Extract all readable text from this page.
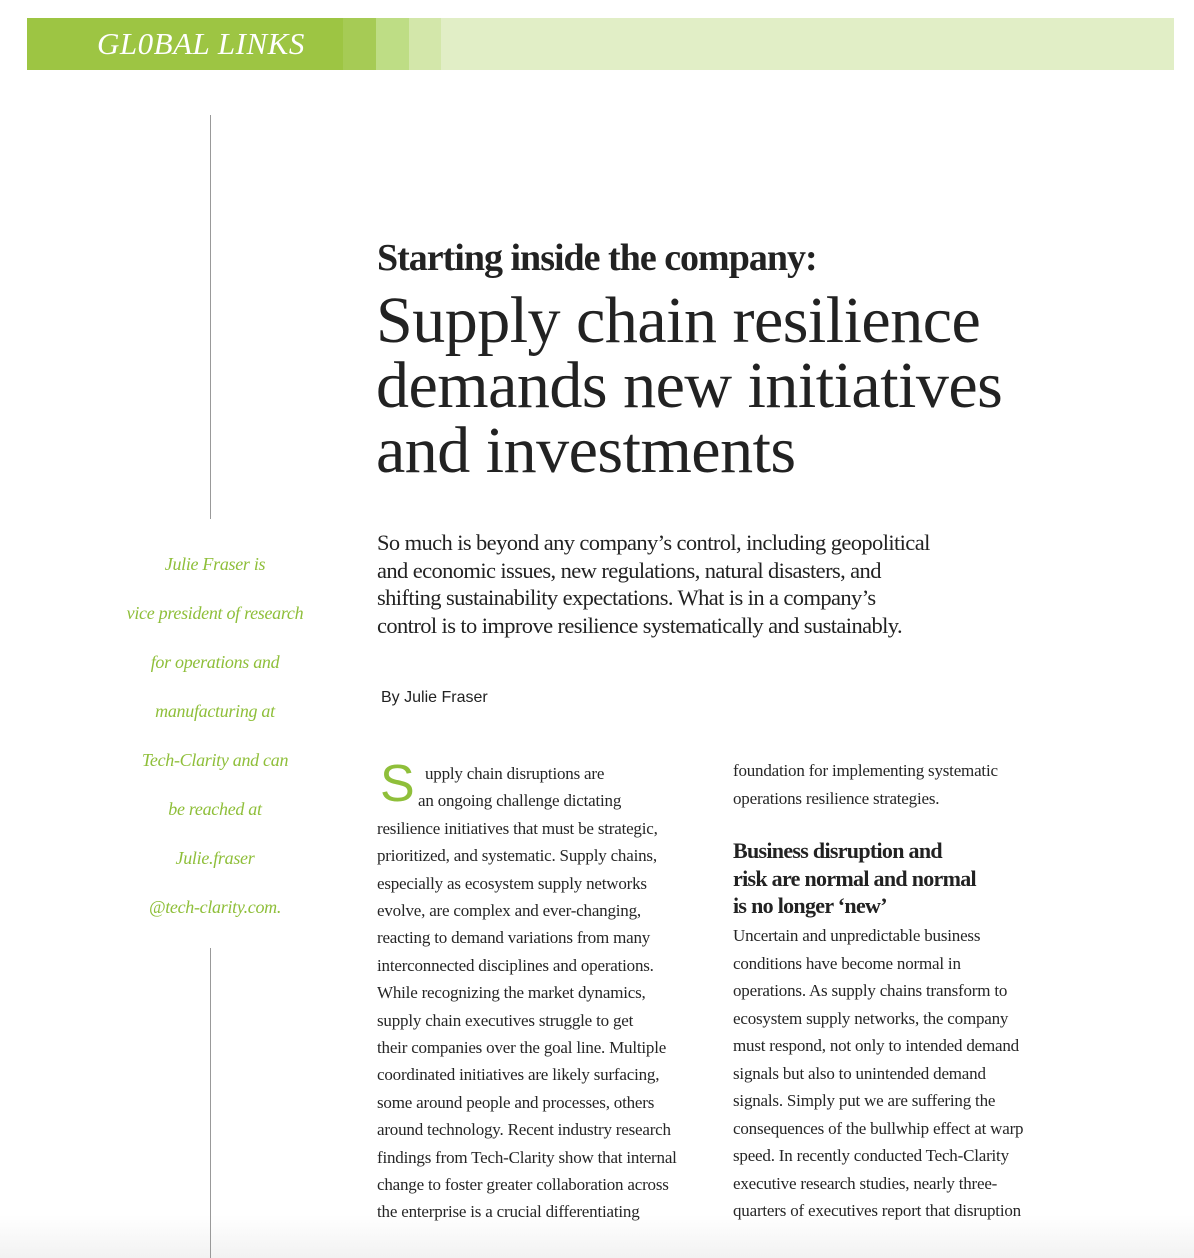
GL0BAL LINKS
Julie Fraser is
vice president of research
for operations and
manufacturing at
Tech-Clarity and can
be reached at
Julie.fraser
@tech-clarity.com.
Starting inside the company:
Supply chain resilience
demands new initiatives
and investments
So much is beyond any company’s control, including geopolitical
and economic issues, new regulations, natural disasters, and
shifting sustainability expectations. What is in a company’s
control is to improve resilience systematically and sustainably.
By Julie Fraser
S upply chain disruptions are
an ongoing challenge dictating
resilience initiatives that must be strategic,
prioritized, and systematic. Supply chains,
especially as ecosystem supply networks
evolve, are complex and ever-changing,
reacting to demand variations from many
interconnected disciplines and operations.
While recognizing the market dynamics,
supply chain executives struggle to get
their companies over the goal line. Multiple
coordinated initiatives are likely surfacing,
some around people and processes, others
around technology. Recent industry research
findings from Tech-Clarity show that internal
change to foster greater collaboration across
the enterprise is a crucial differentiating
foundation for implementing systematic
operations resilience strategies.
Business disruption and
risk are normal and normal
is no longer ‘new’
Uncertain and unpredictable business
conditions have become normal in
operations. As supply chains transform to
ecosystem supply networks, the company
must respond, not only to intended demand
signals but also to unintended demand
signals. Simply put we are suffering the
consequences of the bullwhip effect at warp
speed. In recently conducted Tech-Clarity
executive research studies, nearly three-
quarters of executives report that disruption
